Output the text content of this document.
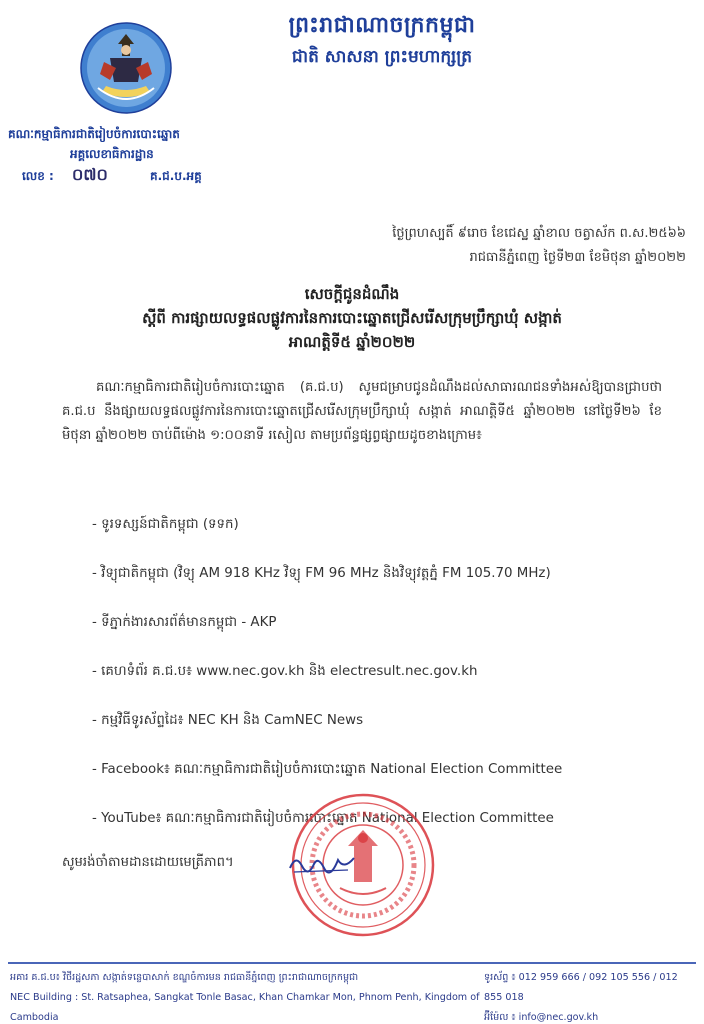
ព្រះរាជាណាចក្រកម្ពុជា
ជាតិ សាសនា ព្រះមហាក្សត្រ
គណៈកម្មាធិការជាតិរៀបចំការបោះឆ្នោត
អគ្គលេខាធិការដ្ឋាន
លេខ : ០៧០	គ.ជ.ប.អគ្គ
ថ្ងៃព្រហស្បតិ៍ ៩រោច ខែជេស្ឋ ឆ្នាំខាល ចត្វាស័ក ព.ស.២៥៦៦
រាជធានីភ្នំពេញ ថ្ងៃទី២៣ ខែមិថុនា ឆ្នាំ២០២២
សេចក្តីជូនដំណឹង
ស្តីពី ការផ្សាយលទ្ធផលផ្លូវការនៃការបោះឆ្នោតជ្រើសរើសក្រុមប្រឹក្សាឃុំ សង្កាត់
អាណត្តិទី៥ ឆ្នាំ២០២២
គណៈកម្មាធិការជាតិរៀបចំការបោះឆ្នោត (គ.ជ.ប) សូមជម្រាបជូនដំណឹងដល់សាធារណជនទាំងអស់ឱ្យបានជ្រាបថា គ.ជ.ប នឹងផ្សាយលទ្ធផលផ្លូវការនៃការបោះឆ្នោតជ្រើសរើសក្រុមប្រឹក្សាឃុំ សង្កាត់ អាណត្តិទី៥ ឆ្នាំ២០២២ នៅថ្ងៃទី២៦ ខែមិថុនា ឆ្នាំ២០២២ ចាប់ពីម៉ោង ១:០០នាទី រសៀល តាមប្រព័ន្ធផ្សព្វផ្សាយដូចខាងក្រោម៖
- ទូរទស្សន៍ជាតិកម្ពុជា (ទទក)
- វិទ្យុជាតិកម្ពុជា (វិទ្យុ AM 918 KHz វិទ្យុ FM 96 MHz និងវិទ្យុវត្តភ្នំ FM 105.70 MHz)
- ទីភ្នាក់ងារសារព័ត៌មានកម្ពុជា - AKP
- គេហទំព័រ គ.ជ.ប៖ www.nec.gov.kh និង electresult.nec.gov.kh
- កម្មវិធីទូរស័ព្ទដៃ៖ NEC KH និង CamNEC News
- Facebook៖ គណៈកម្មាធិការជាតិរៀបចំការបោះឆ្នោត National Election Committee
- YouTube៖ គណៈកម្មាធិការជាតិរៀបចំការបោះឆ្នោត National Election Committee
សូមរង់ចាំតាមដានដោយមេត្រីភាព។
អគារ គ.ជ.ប៖ វិថីរដ្ឋសភា សង្កាត់ទន្លេបាសាក់ ខណ្ឌចំការមន រាជធានីភ្នំពេញ ព្រះរាជាណាចក្រកម្ពុជា
NEC Building : St. Ratsaphea, Sangkat Tonle Basac, Khan Chamkar Mon, Phnom Penh, Kingdom of Cambodia
ទូរស័ព្ទ ៖ 012 959 666 / 092 105 556 / 012 855 018
អ៊ីម៉ែល ៖ info@nec.gov.kh
